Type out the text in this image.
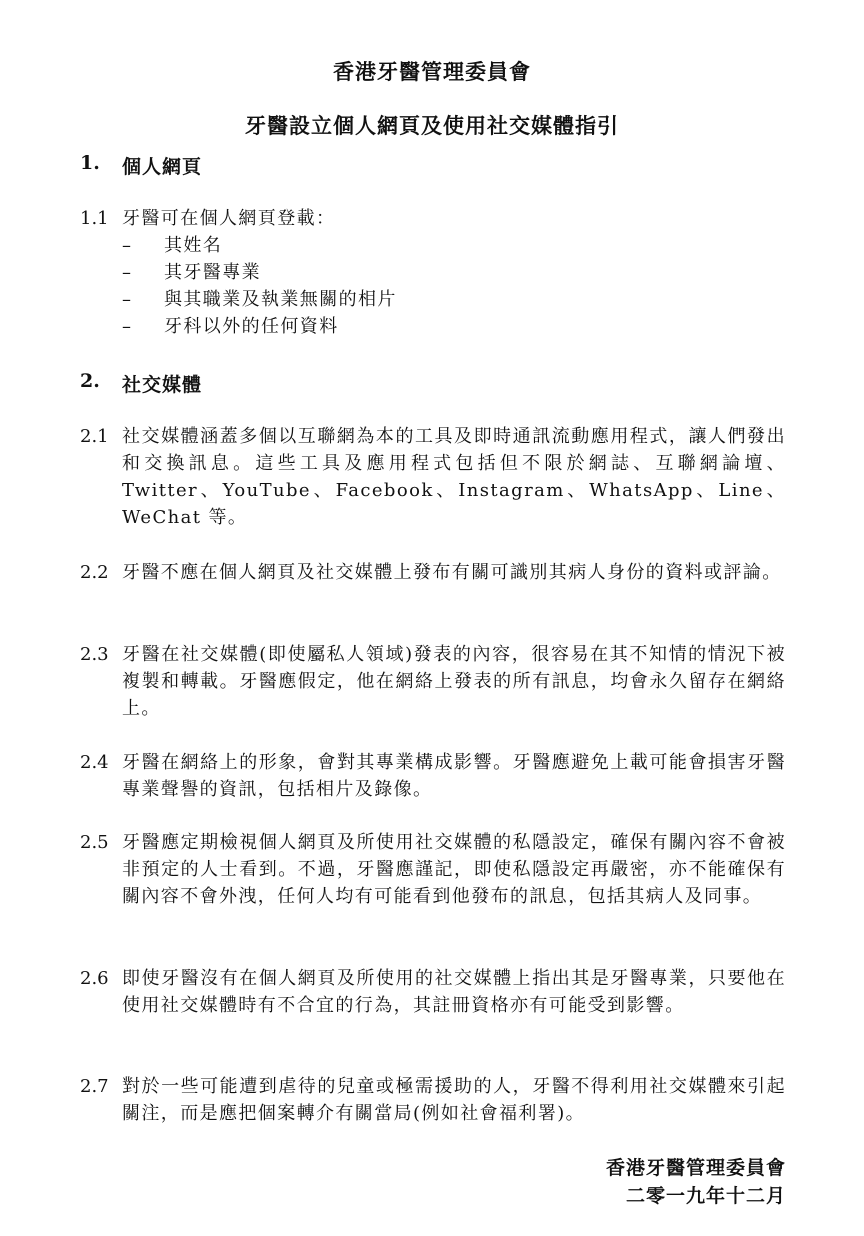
香港牙醫管理委員會
牙醫設立個人網頁及使用社交媒體指引
1.	個人網頁
1.1 牙醫可在個人網頁登載：
–	其姓名
–	其牙醫專業
–	與其職業及執業無關的相片
–	牙科以外的任何資料
2.	社交媒體
2.1 社交媒體涵蓋多個以互聯網為本的工具及即時通訊流動應用程式，讓人們發出和交換訊息。這些工具及應用程式包括但不限於網誌、互聯網論壇、Twitter、YouTube、Facebook、Instagram、WhatsApp、Line、WeChat 等。
2.2 牙醫不應在個人網頁及社交媒體上發布有關可識別其病人身份的資料或評論。
2.3 牙醫在社交媒體(即使屬私人領域)發表的內容，很容易在其不知情的情況下被複製和轉載。牙醫應假定，他在網絡上發表的所有訊息，均會永久留存在網絡上。
2.4 牙醫在網絡上的形象，會對其專業構成影響。牙醫應避免上載可能會損害牙醫專業聲譽的資訊，包括相片及錄像。
2.5 牙醫應定期檢視個人網頁及所使用社交媒體的私隱設定，確保有關內容不會被非預定的人士看到。不過，牙醫應謹記，即使私隱設定再嚴密，亦不能確保有關內容不會外洩，任何人均有可能看到他發布的訊息，包括其病人及同事。
2.6 即使牙醫沒有在個人網頁及所使用的社交媒體上指出其是牙醫專業，只要他在使用社交媒體時有不合宜的行為，其註冊資格亦有可能受到影響。
2.7 對於一些可能遭到虐待的兒童或極需援助的人，牙醫不得利用社交媒體來引起關注，而是應把個案轉介有關當局(例如社會福利署)。
香港牙醫管理委員會
二零一九年十二月
